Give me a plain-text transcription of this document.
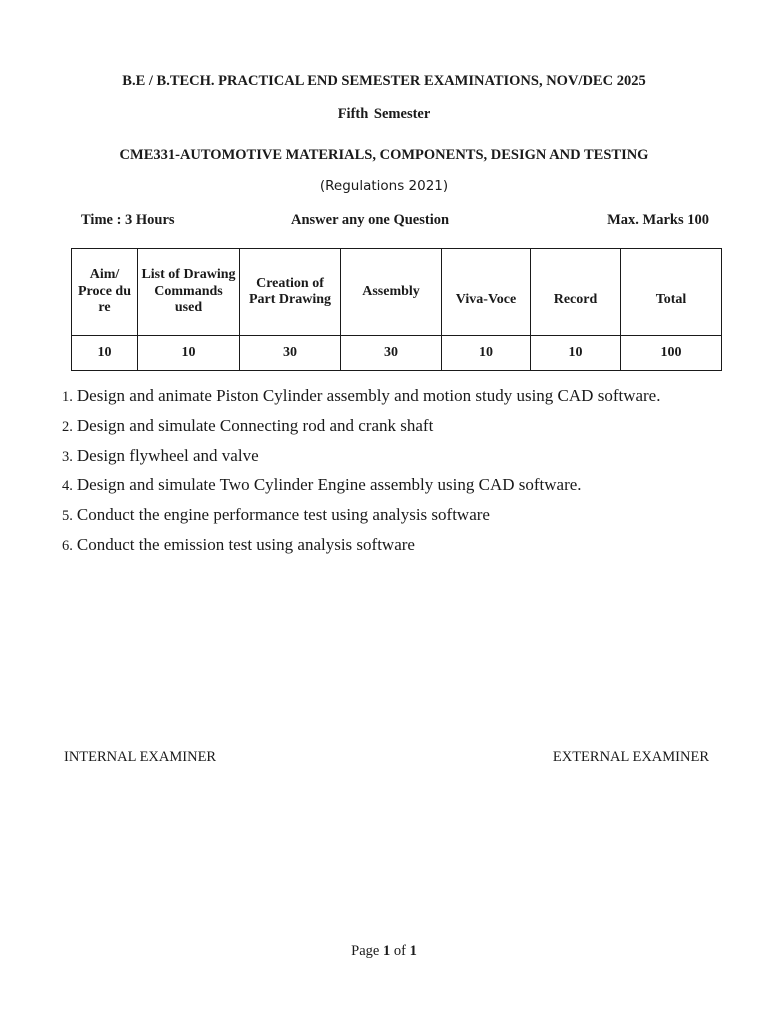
B.E / B.TECH. PRACTICAL END SEMESTER EXAMINATIONS, NOV/DEC 2025
Fifth Semester
CME331-AUTOMOTIVE MATERIALS, COMPONENTS, DESIGN AND TESTING
(Regulations 2021)
Time : 3 Hours	Answer any one Question	Max. Marks 100
Aim/ Proce du re	List of Drawing Commands used	Creation of Part Drawing	Assembly	Viva-Voce	Record	Total
10	10	30	30	10	10	100
1. Design and animate Piston Cylinder assembly and motion study using CAD software.
2. Design and simulate Connecting rod and crank shaft
3. Design flywheel and valve
4. Design and simulate Two Cylinder Engine assembly using CAD software.
5. Conduct the engine performance test using analysis software
6. Conduct the emission test using analysis software
INTERNAL EXAMINER	EXTERNAL EXAMINER
Page 1 of 1
